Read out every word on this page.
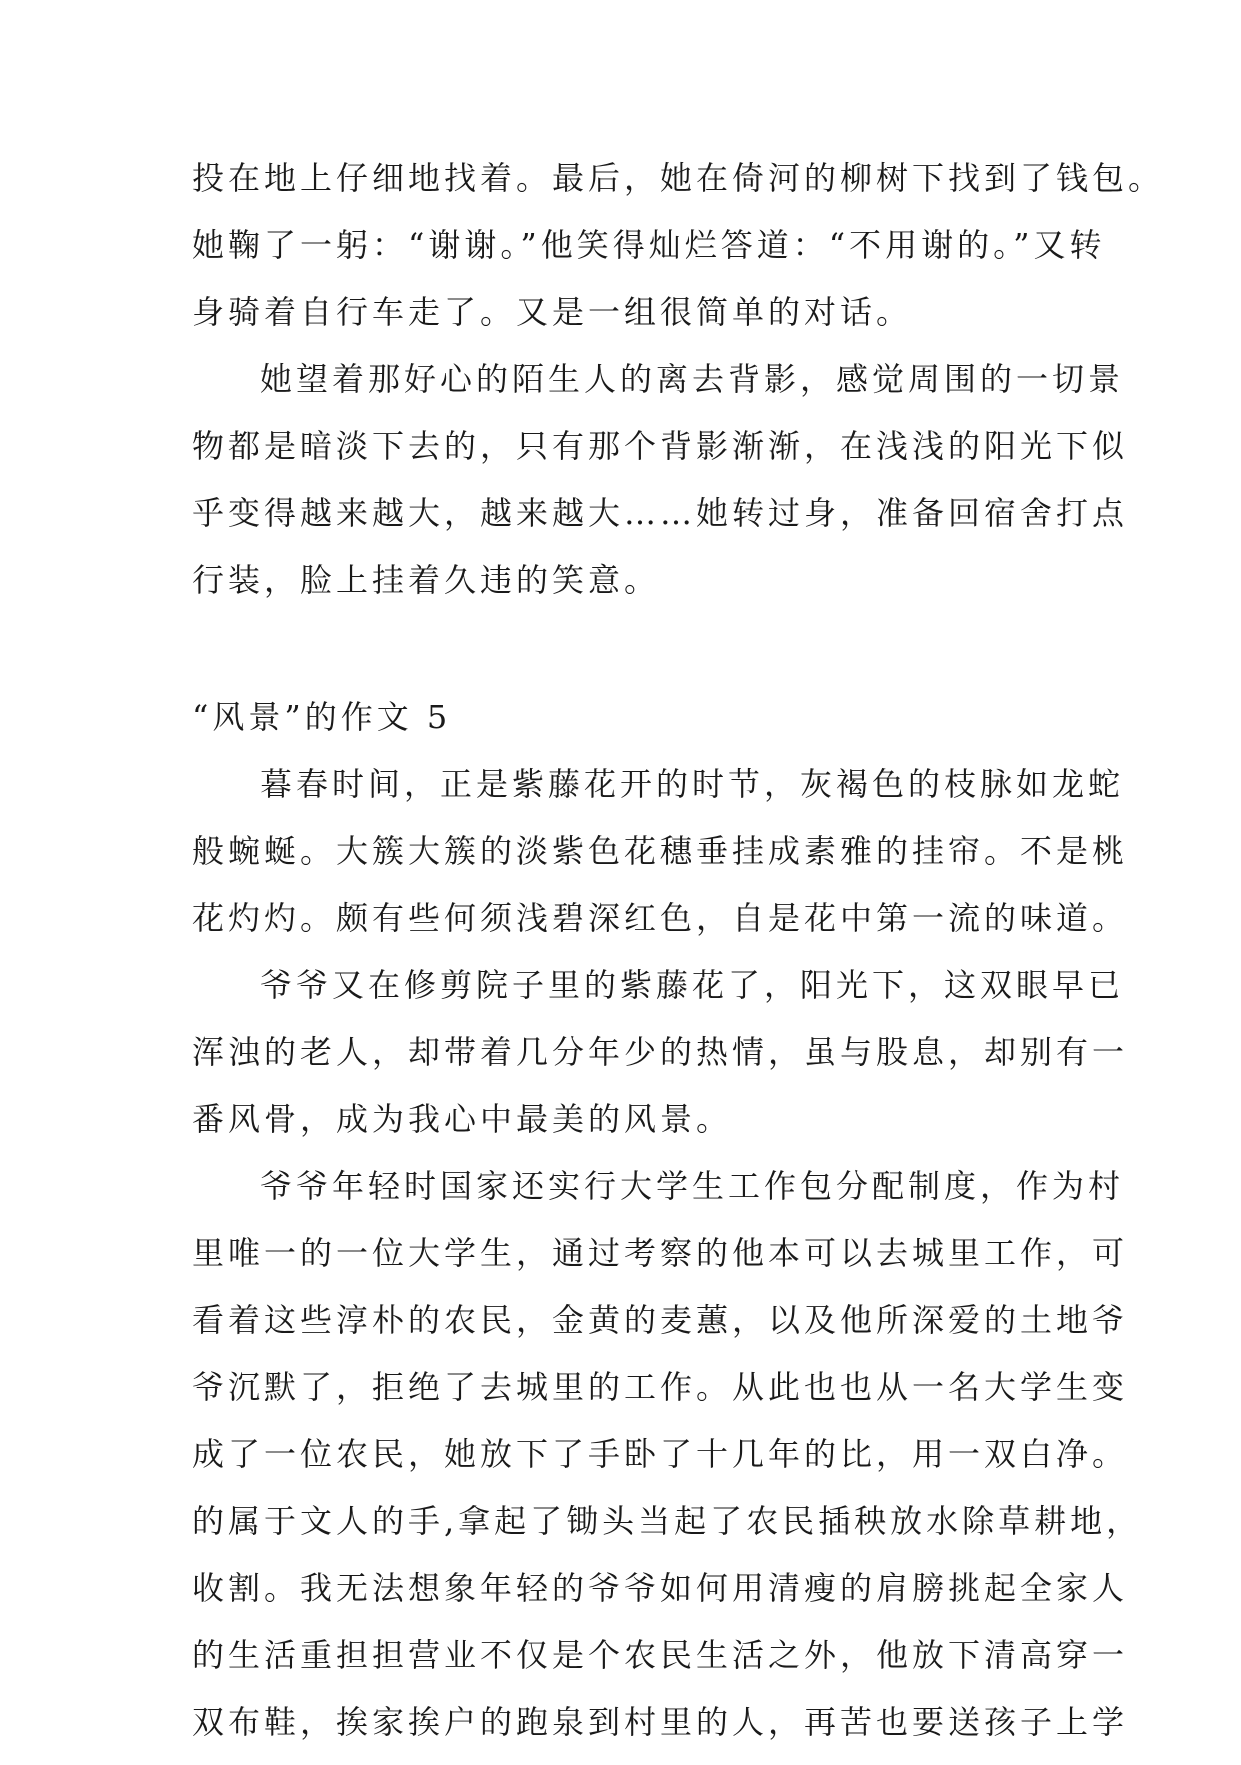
投在地上仔细地找着。最后，她在倚河的柳树下找到了钱包。
她鞠了一躬：“谢谢。”他笑得灿烂答道：“不用谢的。”又转
身骑着自行车走了。又是一组很简单的对话。
她望着那好心的陌生人的离去背影，感觉周围的一切景
物都是暗淡下去的，只有那个背影渐渐，在浅浅的阳光下似
乎变得越来越大，越来越大……她转过身，准备回宿舍打点
行装，脸上挂着久违的笑意。
“风景”的作文 5
暮春时间，正是紫藤花开的时节，灰褐色的枝脉如龙蛇
般蜿蜒。大簇大簇的淡紫色花穗垂挂成素雅的挂帘。不是桃
花灼灼。颇有些何须浅碧深红色，自是花中第一流的味道。
爷爷又在修剪院子里的紫藤花了，阳光下，这双眼早已
浑浊的老人，却带着几分年少的热情，虽与股息，却别有一
番风骨，成为我心中最美的风景。
爷爷年轻时国家还实行大学生工作包分配制度，作为村
里唯一的一位大学生，通过考察的他本可以去城里工作，可
看着这些淳朴的农民，金黄的麦蕙，以及他所深爱的土地爷
爷沉默了，拒绝了去城里的工作。从此也也从一名大学生变
成了一位农民，她放下了手卧了十几年的比，用一双白净。
的属于文人的手,拿起了锄头当起了农民插秧放水除草耕地，
收割。我无法想象年轻的爷爷如何用清瘦的肩膀挑起全家人
的生活重担担营业不仅是个农民生活之外，他放下清高穿一
双布鞋，挨家挨户的跑泉到村里的人，再苦也要送孩子上学
